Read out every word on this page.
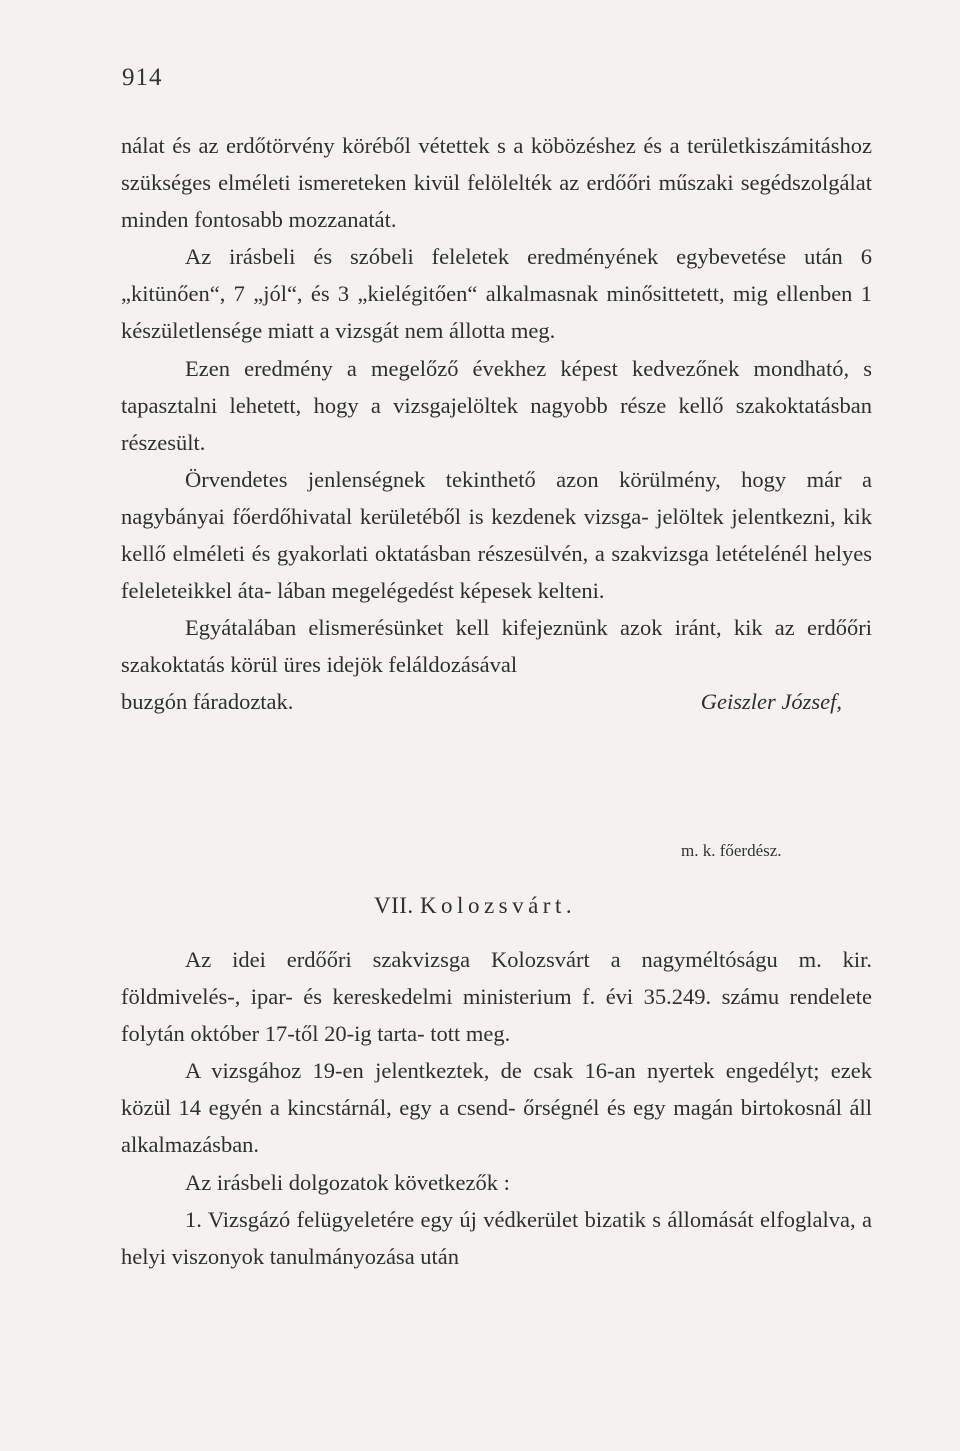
914

nálat és az erdőtörvény köréből vétettek s a köbözéshez és a területkiszámitáshoz szükséges elméleti ismereteken kivül felölelték az erdőőri műszaki segédszolgálat minden fontosabb mozzanatát.

Az irásbeli és szóbeli feleletek eredményének egybevetése után 6 „kitünően“, 7 „jól“, és 3 „kielégitően“ alkalmasnak minősittetett, mig ellenben 1 készületlensége miatt a vizsgát nem állotta meg.

Ezen eredmény a megelőző évekhez képest kedvezőnek mondható, s tapasztalni lehetett, hogy a vizsgajelöltek nagyobb része kellő szakoktatásban részesült.

Örvendetes jenlenségnek tekinthető azon körülmény, hogy már a nagybányai főerdőhivatal kerületéből is kezdenek vizsga- jelöltek jelentkezni, kik kellő elméleti és gyakorlati oktatásban részesülvén, a szakvizsga letételénél helyes feleleteikkel áta- lában megelégedést képesek kelteni.

Egyátalában elismerésünket kell kifejeznünk azok iránt, kik az erdőőri szakoktatás körül üres idejök feláldozásával

buzgón fáradoztak.	Geiszler József,
m. k. főerdész.
VII. Kolozsvárt.

Az idei erdőőri szakvizsga Kolozsvárt a nagyméltóságu m. kir. földmivelés-, ipar- és kereskedelmi ministerium f. évi 35.249. számu rendelete folytán október 17-től 20-ig tarta- tott meg.

A vizsgához 19-en jelentkeztek, de csak 16-an nyertek engedélyt; ezek közül 14 egyén a kincstárnál, egy a csend- őrségnél és egy magán birtokosnál áll alkalmazásban.

Az irásbeli dolgozatok következők :

1. Vizsgázó felügyeletére egy új védkerület bizatik s állomását elfoglalva, a helyi viszonyok tanulmányozása után
